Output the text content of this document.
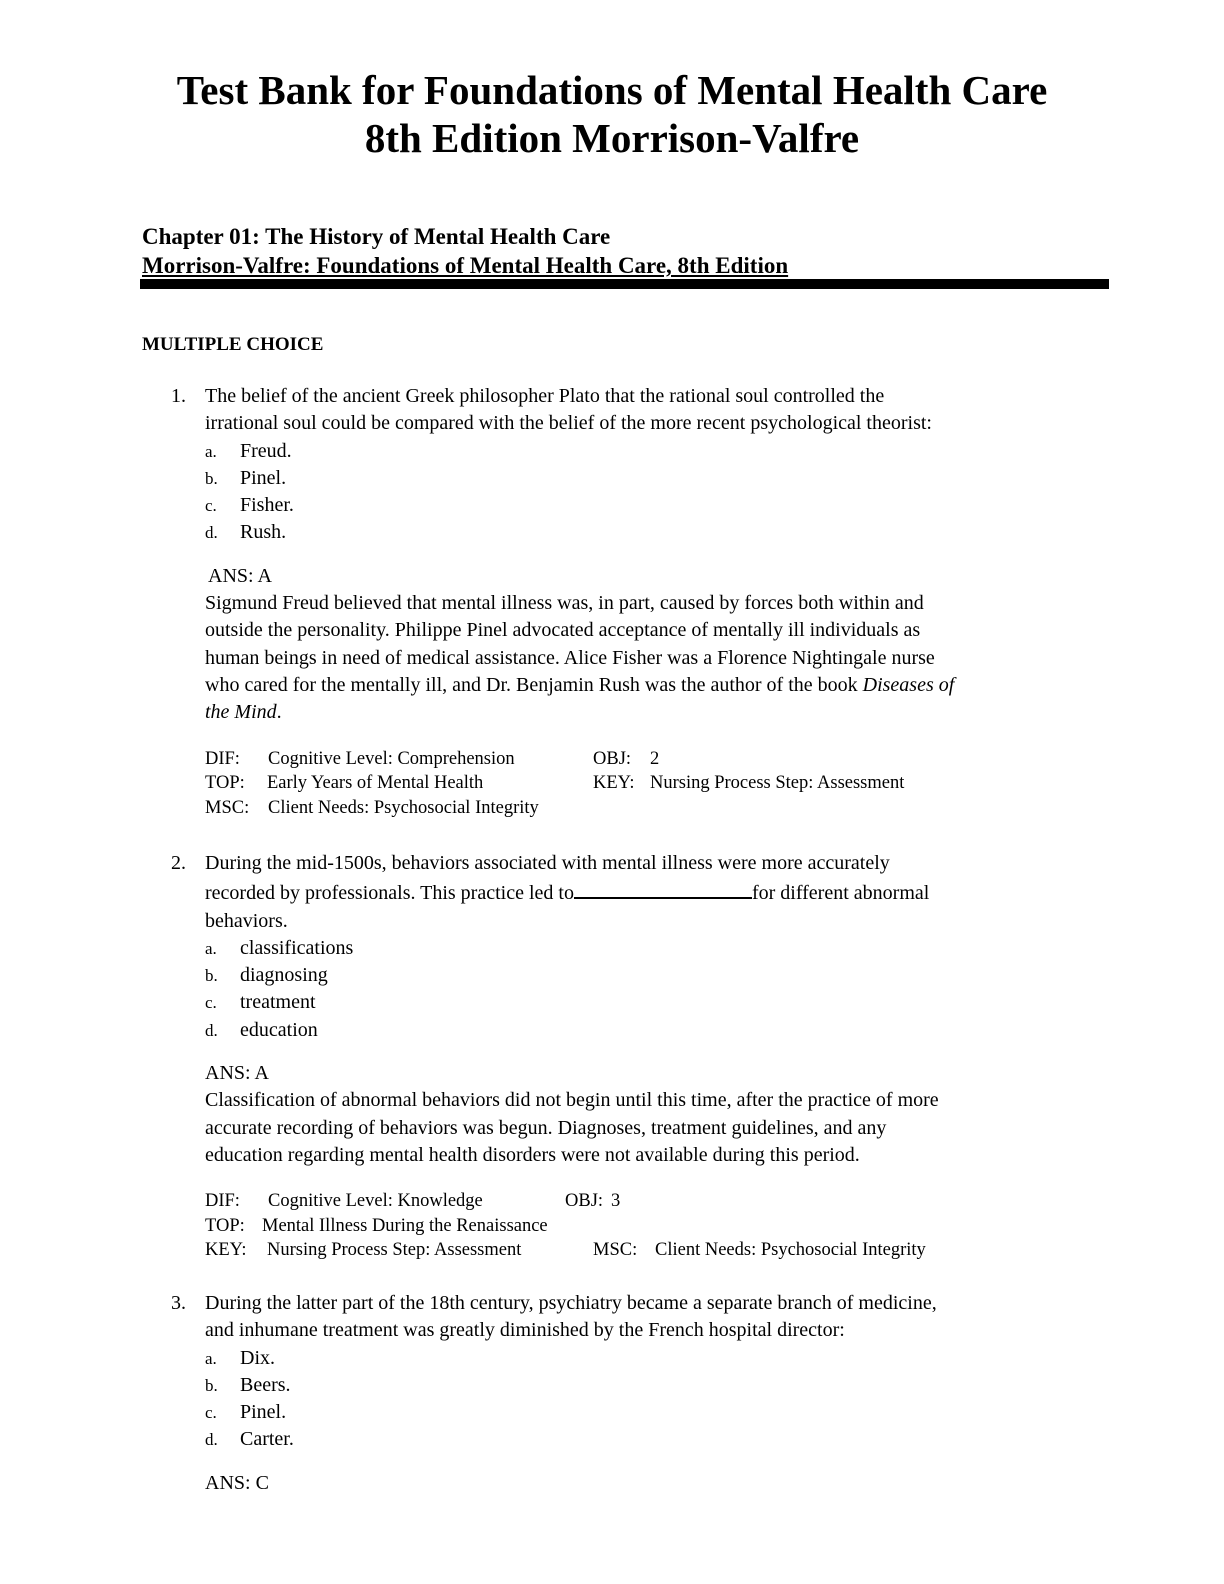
Test Bank for Foundations of Mental Health Care
8th Edition Morrison-Valfre
Chapter 01: The History of Mental Health Care
Morrison-Valfre: Foundations of Mental Health Care, 8th Edition
MULTIPLE CHOICE
1. The belief of the ancient Greek philosopher Plato that the rational soul controlled the
irrational soul could be compared with the belief of the more recent psychological theorist:
a. Freud.
b. Pinel.
c. Fisher.
d. Rush.
ANS: A
Sigmund Freud believed that mental illness was, in part, caused by forces both within and
outside the personality. Philippe Pinel advocated acceptance of mentally ill individuals as
human beings in need of medical assistance. Alice Fisher was a Florence Nightingale nurse
who cared for the mentally ill, and Dr. Benjamin Rush was the author of the book Diseases of
the Mind.
DIF: Cognitive Level: Comprehension	OBJ: 2
TOP: Early Years of Mental Health	KEY: Nursing Process Step: Assessment
MSC: Client Needs: Psychosocial Integrity
2. During the mid-1500s, behaviors associated with mental illness were more accurately
recorded by professionals. This practice led to	for different abnormal
behaviors.
a. classifications
b. diagnosing
c. treatment
d. education
ANS: A
Classification of abnormal behaviors did not begin until this time, after the practice of more
accurate recording of behaviors was begun. Diagnoses, treatment guidelines, and any
education regarding mental health disorders were not available during this period.
DIF: Cognitive Level: Knowledge	OBJ: 3
TOP: Mental Illness During the Renaissance
KEY: Nursing Process Step: Assessment	MSC: Client Needs: Psychosocial Integrity
3. During the latter part of the 18th century, psychiatry became a separate branch of medicine,
and inhumane treatment was greatly diminished by the French hospital director:
a. Dix.
b. Beers.
c. Pinel.
d. Carter.
ANS: C
